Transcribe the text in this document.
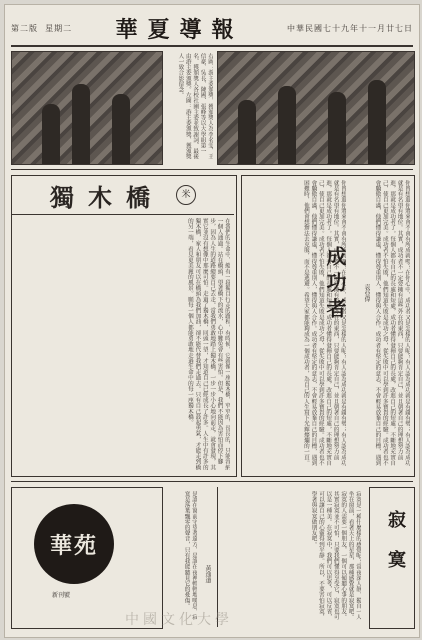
第二版 星期二 華夏導報	中華民國七十九年十一月廿七日
右圖：游主委頒獎，獲頒獎人為李名雯、王信豪、吳長、陳國、張峰等以大學組第一名、獲頒獎人各校社團主委並致謝詞、最後由游主委頒獎。左圖：游主委頒獎、獲頒獎人一致合影留念。
成功者	袁亞偉
你曾想過你將來會不會有所成就嗎？在你心中，成功者又是怎樣的人呢？有人認為成功就是有錢有勢；有人認為成功就是有名望有地位。其實，成功者不一定要擁有這些外在的東西，只要能夠肯定自己，並且朝著自己的理想努力前進，那就是成功者了。每個人都有自己的長處和短處，成功者懂得發揮自己的長處，改進自己的短處，不斷地充實自己，使自己更加完美。成功者不怕失敗，他們知道失敗是成功之母，從失敗中可以學到許多寶貴的經驗。成功者也不會驕傲自滿，他們懂得謙虛，懂得尊重別人，懂得與人合作。成功者有堅定的意志，不會輕易放棄自己的目標，遇到
你曾想過你將來會不會有所成就嗎？在你心中，成功者又是怎樣的人呢？有人認為成功就是有錢有勢；有人認為成功就是有名望有地位。其實，成功者不一定要擁有這些外在的東西，只要能夠肯定自己，並且朝著自己的理想努力前進，那就是成功者了。每個人都有自己的長處和短處，成功者懂得發揮自己的長處，改進自己的短處，不斷地充實自己，使自己更加完美。成功者不怕失敗，他們知道失敗是成功之母，從失敗中可以學到許多寶貴的經驗。成功者也不會驕傲自滿，他們懂得謙虛，懂得尊重別人，懂得與人合作。成功者有堅定的意志，不會輕易放棄自己的目標，遇到困難時，他們會想辦法去克服，而不是逃避。希望大家都能夠成為一個成功者，為自己的人生寫下光輝燦爛的一頁。
獨木橋	米
在我們的生命中，總有一段獨自行走的路程，有時候，它就像一座獨木橋，窄窄的，長長的，只能容納一個人通過。站在橋頭，望著橋下的流水，心中難免會有些害怕。但是，我們不能因為害怕而停下腳步，因為人生的道路總要自己去走。當我們勇敢地踏上獨木橋，一步一步小心地向前走，就會發現，其實它並沒有想像中那麼可怕。走過了獨木橋，回頭一望，才知道自己已經成長了許多。人生中有許多的獨木橋，家人和朋友可以在橋頭為我們加油，卻不能代替我們走過去。只有自己鼓起勇氣，才能走到橋的另一端，看見更美麗的風景。願每一個人都能勇敢地走過生命中的每一座獨木橋。
華苑
新刊號	是誰在窗前守望著遠方，是誰在夜裡輕輕地嘆息，寂寞是落葉飄零的聲音，只有我能聽見它的憂傷。	黃逸道	寂寞是一種什麼樣的感覺呢？當夜深人靜，獨自一人坐在窗前，看著天上的星星，那種感覺就是寂寞吧。寂寞的人需要一個朋友，一個可以傾聽心事的朋友。其實寂寞並不可怕，只要我們懂得享受它，寂寞也可以是一種美。在寂寞中，我們可以思考，可以反省，可以讓自己的心靈得到平靜。所以，不要害怕寂寞，學著與寂寞做朋友吧。	寂寞
中國文化大學
